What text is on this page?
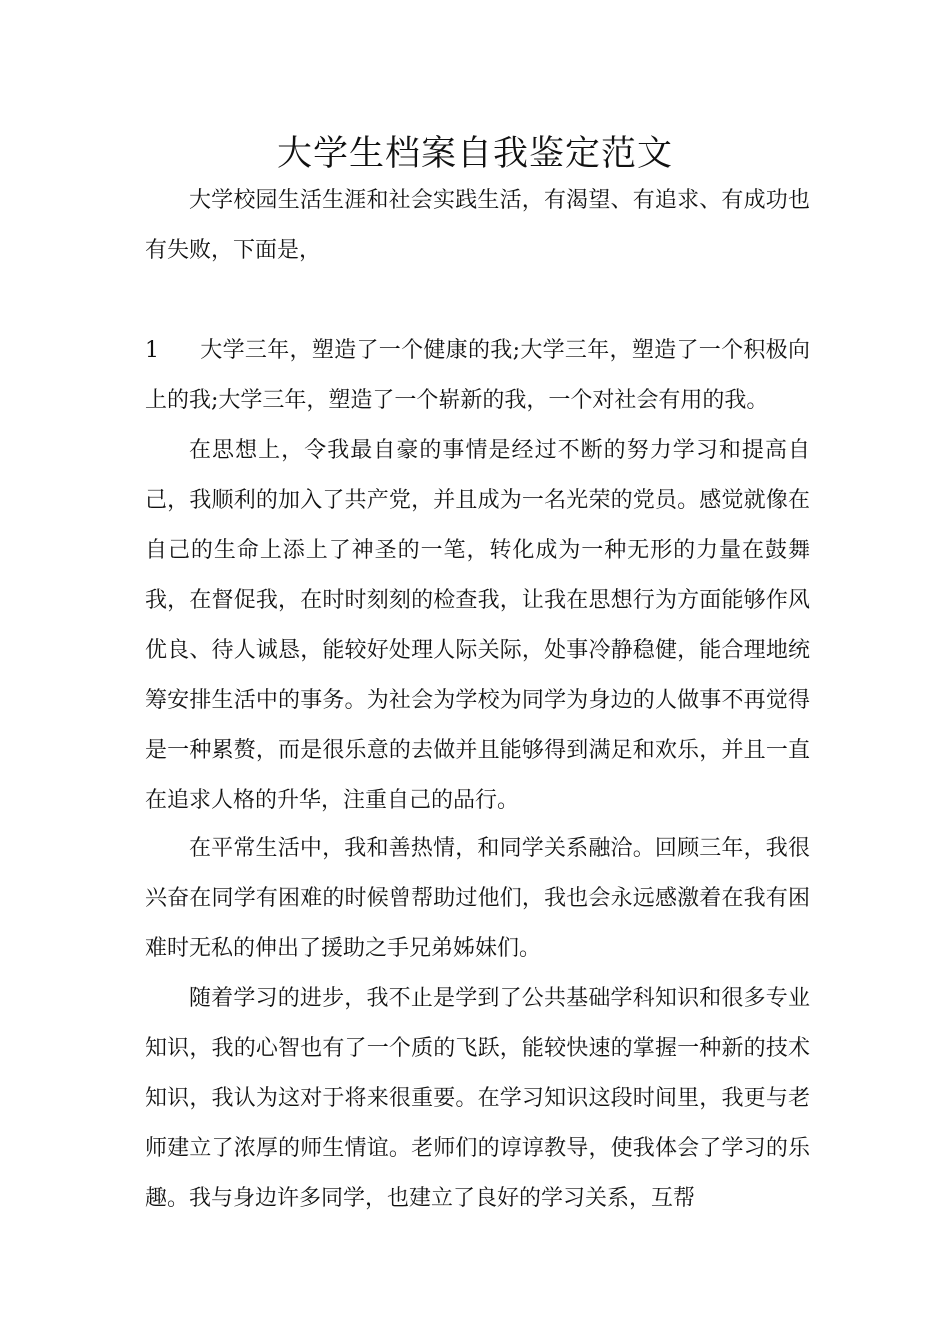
大学生档案自我鉴定范文

大学校园生活生涯和社会实践生活，有渴望、有追求、有成功也有失败，下面是，

1 大学三年，塑造了一个健康的我;大学三年，塑造了一个积极向上的我;大学三年，塑造了一个崭新的我，一个对社会有用的我。

在思想上，令我最自豪的事情是经过不断的努力学习和提高自己，我顺利的加入了共产党，并且成为一名光荣的党员。感觉就像在自己的生命上添上了神圣的一笔，转化成为一种无形的力量在鼓舞我，在督促我，在时时刻刻的检查我，让我在思想行为方面能够作风优良、待人诚恳，能较好处理人际关际，处事冷静稳健，能合理地统筹安排生活中的事务。为社会为学校为同学为身边的人做事不再觉得是一种累赘，而是很乐意的去做并且能够得到满足和欢乐，并且一直在追求人格的升华，注重自己的品行。

在平常生活中，我和善热情，和同学关系融洽。回顾三年，我很兴奋在同学有困难的时候曾帮助过他们，我也会永远感激着在我有困难时无私的伸出了援助之手兄弟姊妹们。

随着学习的进步，我不止是学到了公共基础学科知识和很多专业知识，我的心智也有了一个质的飞跃，能较快速的掌握一种新的技术知识，我认为这对于将来很重要。在学习知识这段时间里，我更与老师建立了浓厚的师生情谊。老师们的谆谆教导，使我体会了学习的乐趣。我与身边许多同学，也建立了良好的学习关系，互帮
